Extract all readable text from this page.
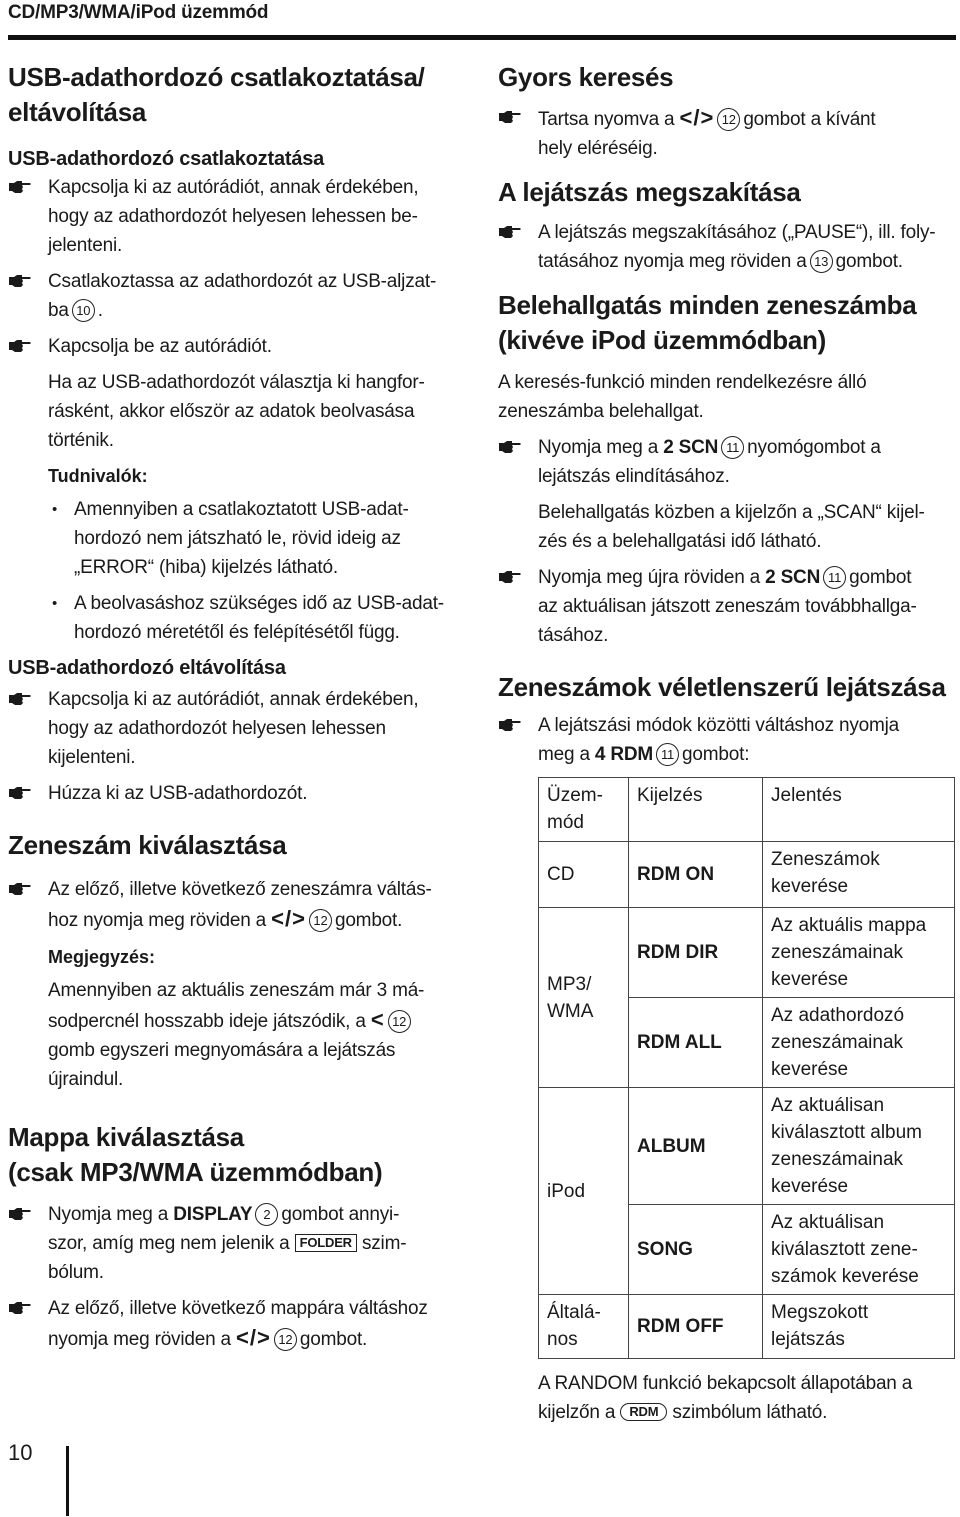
CD/MP3/WMA/iPod üzemmód
USB-adathordozó csatlakoztatása/
eltávolítása
USB-adathordozó csatlakoztatása
Kapcsolja ki az autórádiót, annak érdekében,
hogy az adathordozót helyesen lehessen be-
jelenteni.
Csatlakoztassa az adathordozót az USB-aljzat-
ba 10 .
Kapcsolja be az autórádiót.
Ha az USB-adathordozót választja ki hangfor-
rásként, akkor először az adatok beolvasása
történik.
Tudnivalók:
• Amennyiben a csatlakoztatott USB-adat-
hordozó nem játszható le, rövid ideig az
„ERROR“ (hiba) kijelzés látható.
• A beolvasáshoz szükséges idő az USB-adat-
hordozó méretétől és felépítésétől függ.
USB-adathordozó eltávolítása
Kapcsolja ki az autórádiót, annak érdekében,
hogy az adathordozót helyesen lehessen
kijelenteni.
Húzza ki az USB-adathordozót.
Zeneszám kiválasztása
Az előző, illetve következő zeneszámra váltás-
hoz nyomja meg röviden a </> 12 gombot.
Megjegyzés:
Amennyiben az aktuális zeneszám már 3 má-
sodpercnél hosszabb ideje játszódik, a < 12
gomb egyszeri megnyomására a lejátszás
újraindul.
Mappa kiválasztása
(csak MP3/WMA üzemmódban)
Nyomja meg a DISPLAY 2 gombot annyi-
szor, amíg meg nem jelenik a FOLDER szim-
bólum.
Az előző, illetve következő mappára váltáshoz
nyomja meg röviden a </> 12 gombot.
Gyors keresés
Tartsa nyomva a </> 12 gombot a kívánt
hely eléréséig.
A lejátszás megszakítása
A lejátszás megszakításához („PAUSE“), ill. foly-
tatásához nyomja meg röviden a 13 gombot.
Belehallgatás minden zeneszámba
(kivéve iPod üzemmódban)
A keresés-funkció minden rendelkezésre álló
zeneszámba belehallgat.
Nyomja meg a 2 SCN 11 nyomógombot a
lejátszás elindításához.
Belehallgatás közben a kijelzőn a „SCAN“ kijel-
zés és a belehallgatási idő látható.
Nyomja meg újra röviden a 2 SCN 11 gombot
az aktuálisan játszott zeneszám továbbhallga-
tásához.
Zeneszámok véletlenszerű lejátszása
A lejátszási módok közötti váltáshoz nyomja
meg a 4 RDM 11 gombot:
Üzem-
mód	Kijelzés	Jelentés
CD	RDM ON	Zeneszámok
keverése
MP3/
WMA	RDM DIR	Az aktuális mappa
zeneszámainak
keverése
	RDM ALL	Az adathordozó
zeneszámainak
keverése
iPod	ALBUM	Az aktuálisan
kiválasztott album
zeneszámainak
keverése
	SONG	Az aktuálisan
kiválasztott zene-
számok keverése
Általá-
nos	RDM OFF	Megszokott
lejátszás
A RANDOM funkció bekapcsolt állapotában a
kijelzőn a RDM szimbólum látható.
10
